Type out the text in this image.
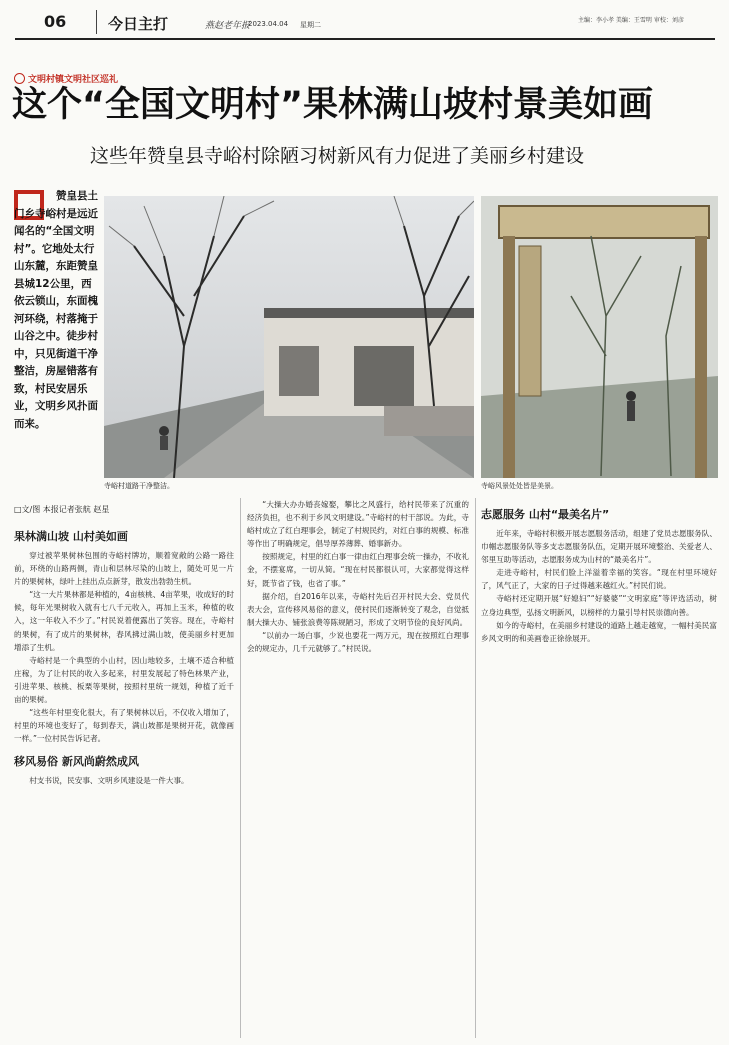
06	今日主打	燕赵老年报
2023.04.04 星期二
主编：李小孝 美编：王雪明 审校：刘彦
文明村镇文明社区巡礼
这个“全国文明村”果林满山坡村景美如画
这些年赞皇县寺峪村除陋习树新风有力促进了美丽乡村建设
赞皇县土门乡寺峪村是远近闻名的“全国文明村”。它地处太行山东麓，东距赞皇县城12公里，西依云锁山，东面槐河环绕，村落掩于山谷之中。徒步村中，只见街道干净整洁，房屋错落有致，村民安居乐业，文明乡风扑面而来。
寺峪村道路干净整洁。	寺峪风景处处皆是美景。
□文/图 本报记者张航 赵星
果林满山坡 山村美如画

穿过被苹果树林包围的寺峪村牌坊，顺着宽敞的公路一路往前，环绕的山路两侧，青山和层林尽染的山坡上，随处可见一片片的果树林，绿叶上挂出点点新芽，散发出勃勃生机。

“这一大片果林都是种植的，4亩核桃、4亩苹果，收成好的时候，每年光果树收入就有七八千元收入，再加上玉米，种植的收入，这一年收入不少了。”村民说着便露出了笑容。现在，寺峪村的果树，有了成片的果树林，春风拂过满山坡，使美丽乡村更加增添了生机。

寺峪村是一个典型的小山村，因山地较多，土壤不适合种植庄稼，为了让村民的收入多起来，村里发展起了特色林果产业，引进苹果、核桃、板栗等果树，按照村里统一规划，种植了近千亩的果树。

“这些年村里变化很大，有了果树林以后，不仅收入增加了，村里的环境也变好了，每到春天，满山坡都是果树开花，就像画一样。”一位村民告诉记者。

移风易俗 新风尚蔚然成风

村支书说，民安事、文明乡风建设是一件大事。

“大操大办办婚丧嫁娶，攀比之风盛行，给村民带来了沉重的经济负担，也不利于乡风文明建设。”寺峪村的村干部说。为此，寺峪村成立了红白理事会，制定了村规民约，对红白事的规模、标准等作出了明确规定，倡导厚养薄葬、婚事新办。

按照规定，村里的红白事一律由红白理事会统一操办，不收礼金，不摆宴席，一切从简。“现在村民都很认可，大家都觉得这样好，既节省了钱，也省了事。”

据介绍，自2016年以来，寺峪村先后召开村民大会、党员代表大会，宣传移风易俗的意义，使村民们逐渐转变了观念，自觉抵制大操大办、铺张浪费等陈规陋习，形成了文明节俭的良好风尚。

“以前办一场白事，少说也要花一两万元，现在按照红白理事会的规定办，几千元就够了。”村民说。

志愿服务 山村“最美名片”

近年来，寺峪村积极开展志愿服务活动，组建了党员志愿服务队、巾帼志愿服务队等多支志愿服务队伍，定期开展环境整治、关爱老人、邻里互助等活动，志愿服务成为山村的“最美名片”。

走进寺峪村，村民们脸上洋溢着幸福的笑容。“现在村里环境好了，风气正了，大家的日子过得越来越红火。”村民们说。

寺峪村还定期开展“好媳妇”“好婆婆”“文明家庭”等评选活动，树立身边典型，弘扬文明新风，以榜样的力量引导村民崇德向善。

如今的寺峪村，在美丽乡村建设的道路上越走越宽，一幅村美民富乡风文明的和美画卷正徐徐展开。
